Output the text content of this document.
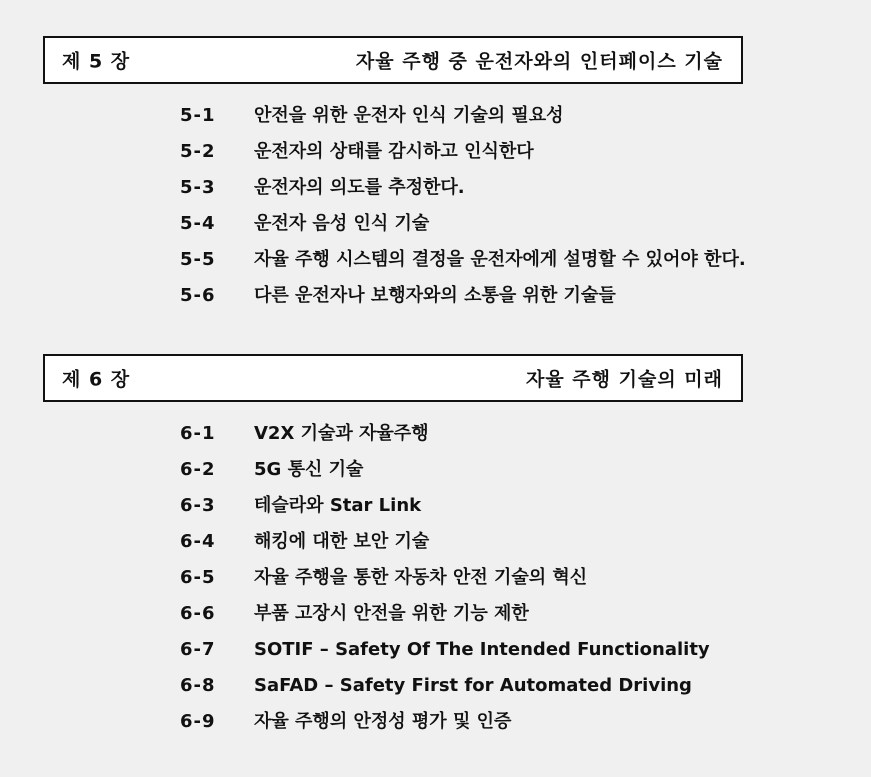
제 5 장	자율 주행 중 운전자와의 인터페이스 기술
5-1	안전을 위한 운전자 인식 기술의 필요성
5-2	운전자의 상태를 감시하고 인식한다
5-3	운전자의 의도를 추정한다.
5-4	운전자 음성 인식 기술
5-5	자율 주행 시스템의 결정을 운전자에게 설명할 수 있어야 한다.
5-6	다른 운전자나 보행자와의 소통을 위한 기술들
제 6 장	자율 주행 기술의 미래
6-1	V2X 기술과 자율주행
6-2	5G 통신 기술
6-3	테슬라와 Star Link
6-4	해킹에 대한 보안 기술
6-5	자율 주행을 통한 자동차 안전 기술의 혁신
6-6	부품 고장시 안전을 위한 기능 제한
6-7	SOTIF – Safety Of The Intended Functionality
6-8	SaFAD – Safety First for Automated Driving
6-9	자율 주행의 안정성 평가 및 인증
